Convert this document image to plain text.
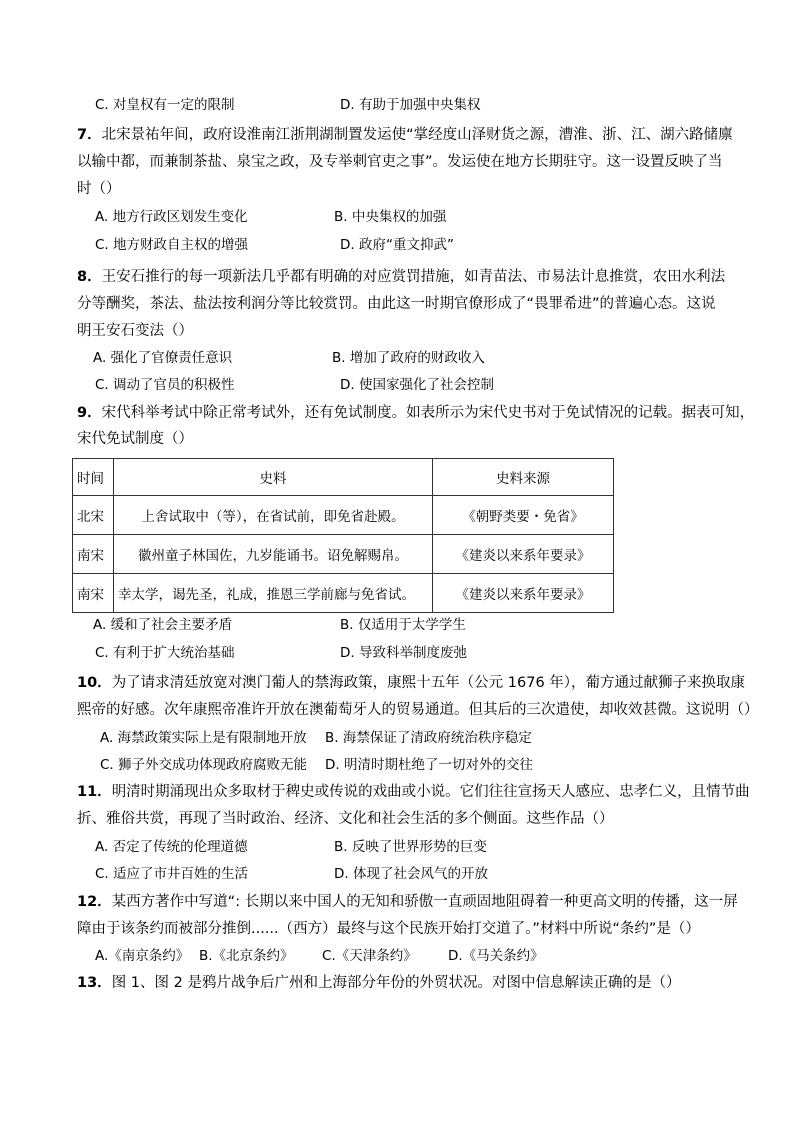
C. 对皇权有一定的限制	D. 有助于加强中央集权
7．北宋景祐年间，政府设淮南江浙荆湖制置发运使“掌经度山泽财货之源，漕淮、浙、江、湖六路储廪
以输中都，而兼制茶盐、泉宝之政，及专举刺官吏之事”。发运使在地方长期驻守。这一设置反映了当
时（）
A. 地方行政区划发生变化	B. 中央集权的加强
C. 地方财政自主权的增强	D. 政府“重文抑武”
8．王安石推行的每一项新法几乎都有明确的对应赏罚措施，如青苗法、市易法计息推赏，农田水利法
分等酬奖，茶法、盐法按利润分等比较赏罚。由此这一时期官僚形成了“畏罪希进”的普遍心态。这说
明王安石变法（）
A. 强化了官僚责任意识	B. 增加了政府的财政收入
C. 调动了官员的积极性	D. 使国家强化了社会控制
9．宋代科举考试中除正常考试外，还有免试制度。如表所示为宋代史书对于免试情况的记载。据表可知，
宋代免试制度（）
时间	史料	史料来源
北宋	上舍试取中（等），在省试前，即免省赴殿。	《朝野类要・免省》
南宋	徽州童子林国佐，九岁能诵书。诏免解赐帛。	《建炎以来系年要录》
南宋	幸太学，谒先圣，礼成，推恩三学前廊与免省试。	《建炎以来系年要录》
A. 缓和了社会主要矛盾	B. 仅适用于太学学生
C. 有利于扩大统治基础	D. 导致科举制度废弛
10．为了请求清廷放宽对澳门葡人的禁海政策，康熙十五年（公元 1676 年），葡方通过献狮子来换取康
熙帝的好感。次年康熙帝准许开放在澳葡萄牙人的贸易通道。但其后的三次遣使，却收效甚微。这说明（）
A. 海禁政策实际上是有限制地开放 B. 海禁保证了清政府统治秩序稳定
C. 狮子外交成功体现政府腐败无能 D. 明清时期杜绝了一切对外的交往
11．明清时期涌现出众多取材于稗史或传说的戏曲或小说。它们往往宣扬天人感应、忠孝仁义，且情节曲
折、雅俗共赏，再现了当时政治、经济、文化和社会生活的多个侧面。这些作品（）
A. 否定了传统的伦理道德	B. 反映了世界形势的巨变
C. 适应了市井百姓的生活	D. 体现了社会风气的开放
12．某西方著作中写道“: 长期以来中国人的无知和骄傲一直顽固地阻碍着一种更高文明的传播，这一屏
障由于该条约而被部分推倒......（西方）最终与这个民族开始打交道了。”材料中所说“条约”是（）
A.《南京条约》 B.《北京条约》 C.《天津条约》 D.《马关条约》
13．图 1、图 2 是鸦片战争后广州和上海部分年份的外贸状况。对图中信息解读正确的是（）
